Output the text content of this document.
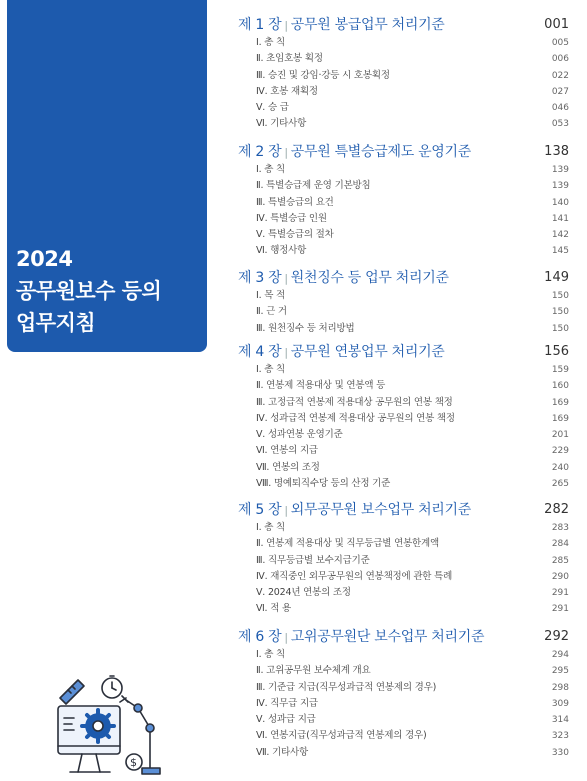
2024
공무원보수 등의
업무지침
제 1 장 | 공무원 봉급업무 처리기준	001
Ⅰ. 총 칙	005
Ⅱ. 초임호봉 획정	006
Ⅲ. 승진 및 강임·강등 시 호봉획정	022
Ⅳ. 호봉 재획정	027
Ⅴ. 승 급	046
Ⅵ. 기타사항	053
제 2 장 | 공무원 특별승급제도 운영기준	138
Ⅰ. 총 칙	139
Ⅱ. 특별승급제 운영 기본방침	139
Ⅲ. 특별승급의 요건	140
Ⅳ. 특별승급 인원	141
Ⅴ. 특별승급의 절차	142
Ⅵ. 행정사항	145
제 3 장 | 원천징수 등 업무 처리기준	149
Ⅰ. 목 적	150
Ⅱ. 근 거	150
Ⅲ. 원천징수 등 처리방법	150
제 4 장 | 공무원 연봉업무 처리기준	156
Ⅰ. 총 칙	159
Ⅱ. 연봉제 적용대상 및 연봉액 등	160
Ⅲ. 고정급적 연봉제 적용대상 공무원의 연봉 책정	169
Ⅳ. 성과급적 연봉제 적용대상 공무원의 연봉 책정	169
Ⅴ. 성과연봉 운영기준	201
Ⅵ. 연봉의 지급	229
Ⅶ. 연봉의 조정	240
Ⅷ. 명예퇴직수당 등의 산정 기준	265
제 5 장 | 외무공무원 보수업무 처리기준	282
Ⅰ. 총 칙	283
Ⅱ. 연봉제 적용대상 및 직무등급별 연봉한계액	284
Ⅲ. 직무등급별 보수지급기준	285
Ⅳ. 재직중인 외무공무원의 연봉책정에 관한 특례	290
Ⅴ. 2024년 연봉의 조정	291
Ⅵ. 적 용	291
제 6 장 | 고위공무원단 보수업무 처리기준	292
Ⅰ. 총 칙	294
Ⅱ. 고위공무원 보수체계 개요	295
Ⅲ. 기준급 지급(직무성과급적 연봉제의 경우)	298
Ⅳ. 직무급 지급	309
Ⅴ. 성과급 지급	314
Ⅵ. 연봉지급(직무성과급적 연봉제의 경우)	323
Ⅶ. 기타사항	330
$
